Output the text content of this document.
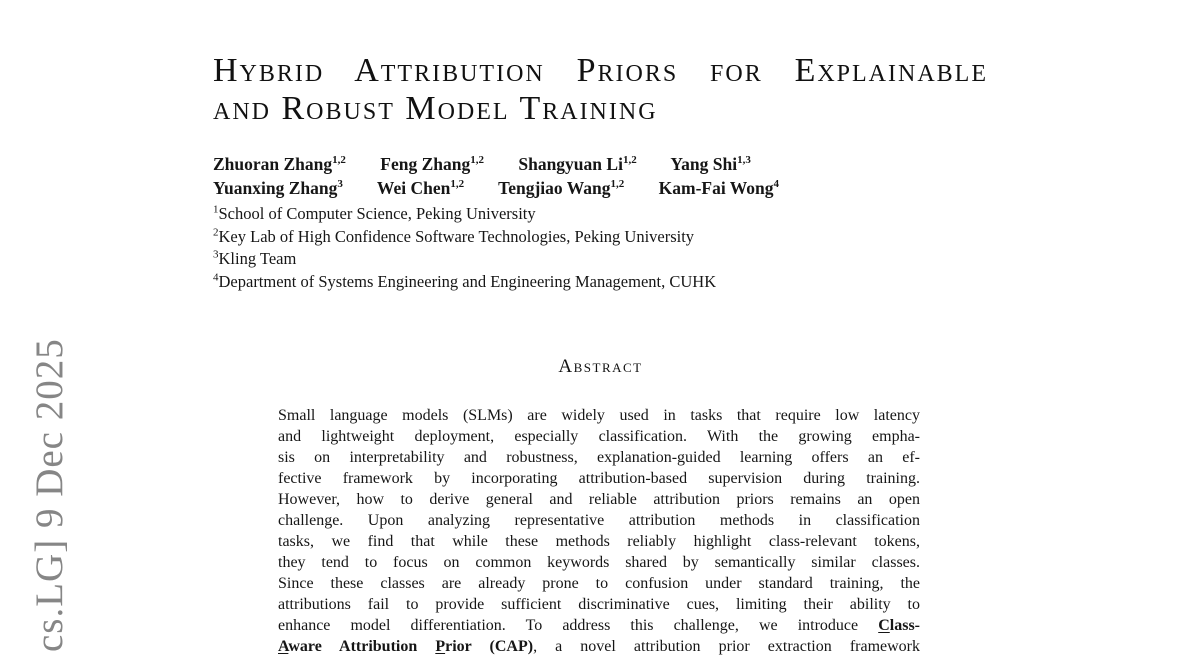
cs.LG] 9 Dec 2025
Hybrid Attribution Priors for Explainable
and Robust Model Training
Zhuoran Zhang$^{1,2}$ Feng Zhang$^{1,2}$ Shangyuan Li$^{1,2}$ Yang Shi$^{1,3}$
Yuanxing Zhang$^3$ Wei Chen$^{1,2}$ Tengjiao Wang$^{1,2}$ Kam-Fai Wong$^4$
$^1$School of Computer Science, Peking University
$^2$Key Lab of High Confidence Software Technologies, Peking University
$^3$Kling Team
$^4$Department of Systems Engineering and Engineering Management, CUHK
Abstract
Small language models (SLMs) are widely used in tasks that require low latency
and lightweight deployment, especially classification. With the growing empha-
sis on interpretability and robustness, explanation-guided learning offers an ef-
fective framework by incorporating attribution-based supervision during training.
However, how to derive general and reliable attribution priors remains an open
challenge. Upon analyzing representative attribution methods in classification
tasks, we find that while these methods reliably highlight class-relevant tokens,
they tend to focus on common keywords shared by semantically similar classes.
Since these classes are already prone to confusion under standard training, the
attributions fail to provide sufficient discriminative cues, limiting their ability to
enhance model differentiation. To address this challenge, we introduce Class-
Aware Attribution Prior (CAP), a novel attribution prior extraction framework
